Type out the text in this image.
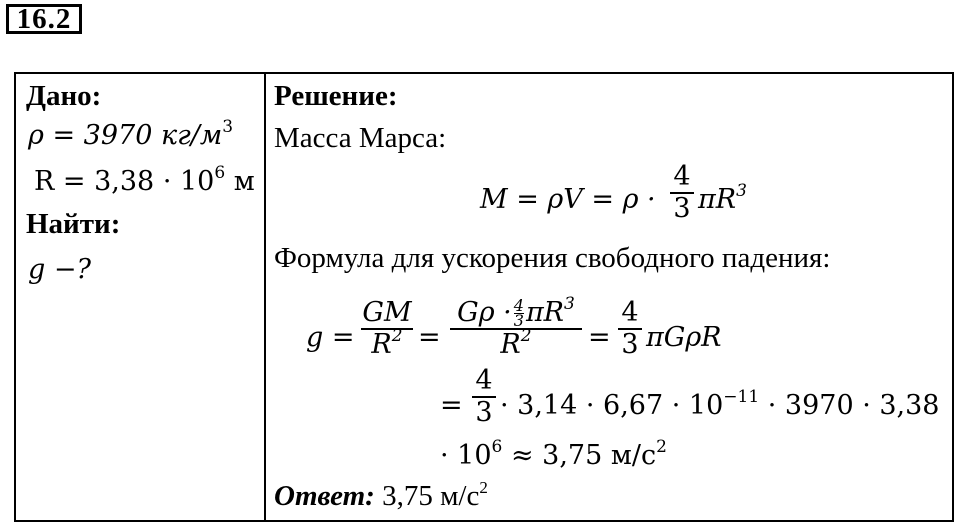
16.2
Дано:
ρ = 3970 $кг/м^3$
$R = 3,38 \cdot 10^6$ м
Найти:
g −?
Решение:
Масса Марса:
M = ρV = ρ ·
4
3 $\pi R^3$
Формула для ускорения свободного падения:
g =
GM
$R^2$ =
$G\rho \cdot \frac{4}{3}\pi R^3$
$R^2$	=
4
3 πGρR
=
4
$3 \cdot 3,14 \cdot 6,67 \cdot 10^{-11} \cdot 3970 \cdot 3,38$
· $10^6 \approx 3,75$ $м/с^2$
Ответ: 3,75 $м/с^2$
